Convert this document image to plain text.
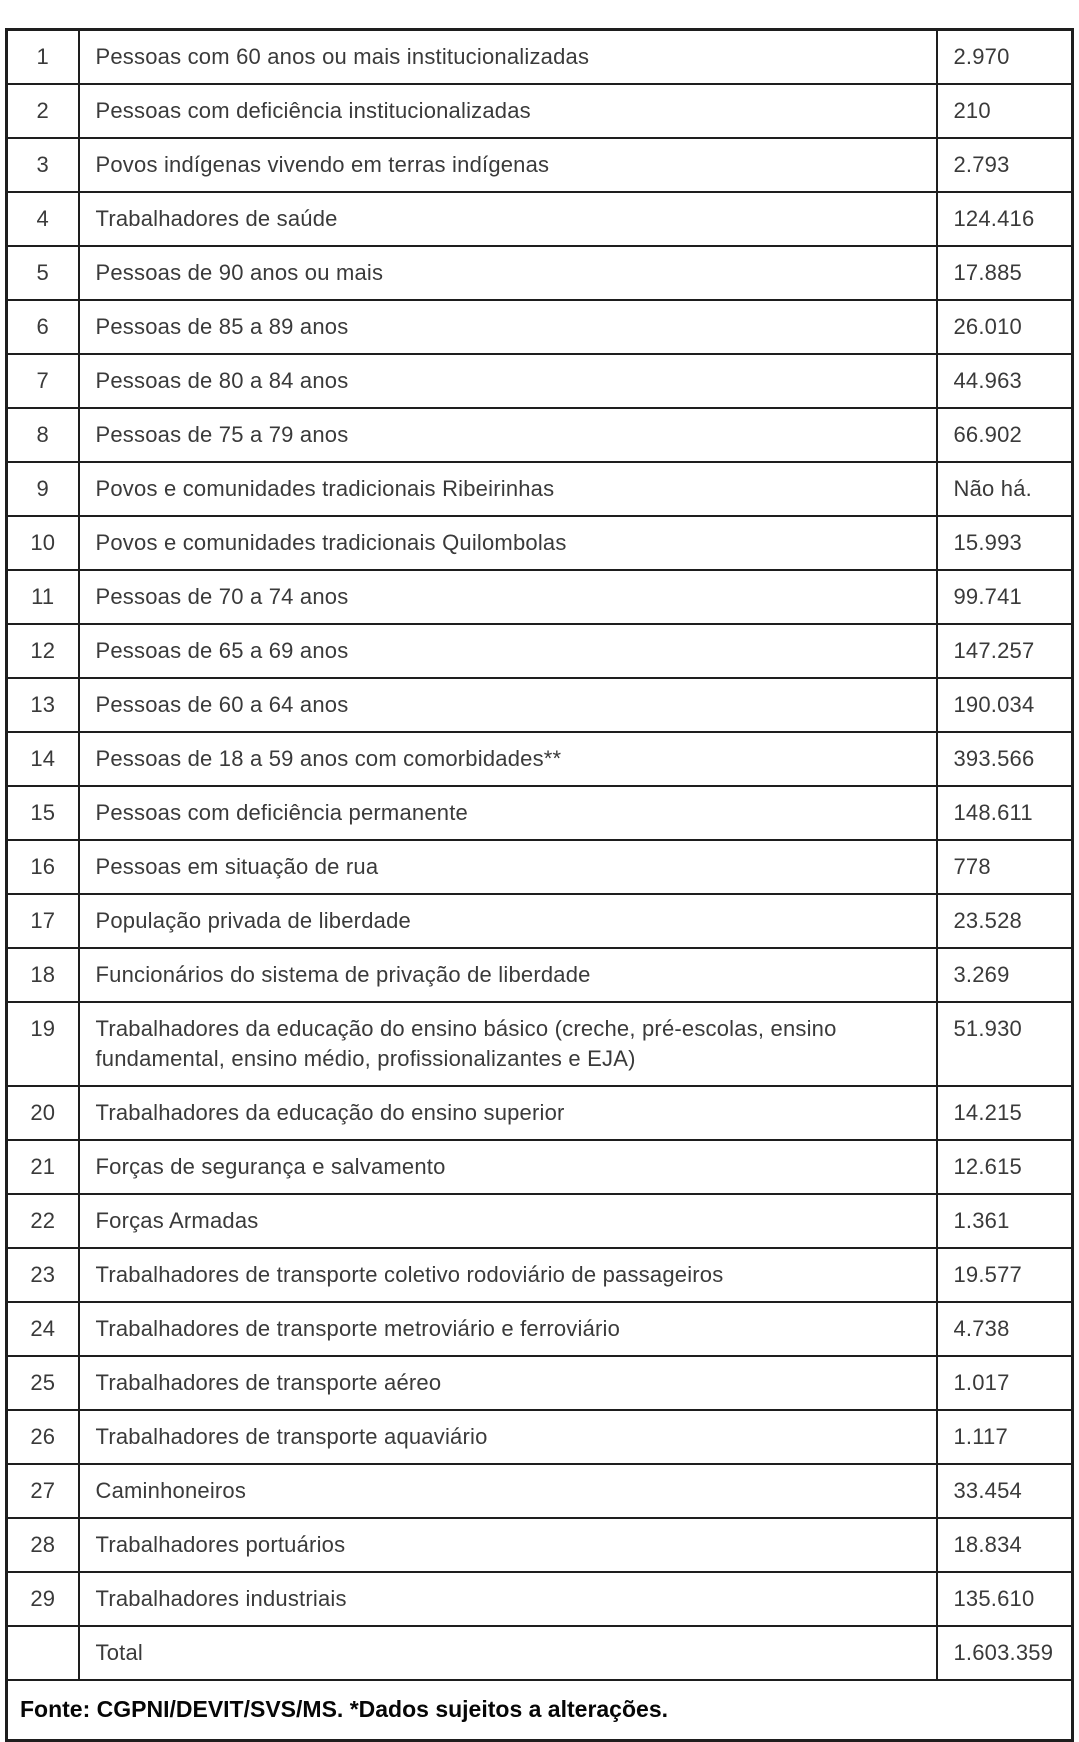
1	Pessoas com 60 anos ou mais institucionalizadas	2.970
2	Pessoas com deficiência institucionalizadas	210
3	Povos indígenas vivendo em terras indígenas	2.793
4	Trabalhadores de saúde	124.416
5	Pessoas de 90 anos ou mais	17.885
6	Pessoas de 85 a 89 anos	26.010
7	Pessoas de 80 a 84 anos	44.963
8	Pessoas de 75 a 79 anos	66.902
9	Povos e comunidades tradicionais Ribeirinhas	Não há.
10	Povos e comunidades tradicionais Quilombolas	15.993
11	Pessoas de 70 a 74 anos	99.741
12	Pessoas de 65 a 69 anos	147.257
13	Pessoas de 60 a 64 anos	190.034
14	Pessoas de 18 a 59 anos com comorbidades**	393.566
15	Pessoas com deficiência permanente	148.611
16	Pessoas em situação de rua	778
17	População privada de liberdade	23.528
18	Funcionários do sistema de privação de liberdade	3.269
19	Trabalhadores da educação do ensino básico (creche, pré-escolas, ensino fundamental, ensino médio, profissionalizantes e EJA)	51.930
20	Trabalhadores da educação do ensino superior	14.215
21	Forças de segurança e salvamento	12.615
22	Forças Armadas	1.361
23	Trabalhadores de transporte coletivo rodoviário de passageiros	19.577
24	Trabalhadores de transporte metroviário e ferroviário	4.738
25	Trabalhadores de transporte aéreo	1.017
26	Trabalhadores de transporte aquaviário	1.117
27	Caminhoneiros	33.454
28	Trabalhadores portuários	18.834
29	Trabalhadores industriais	135.610
	Total	1.603.359
Fonte: CGPNI/DEVIT/SVS/MS. *Dados sujeitos a alterações.		
